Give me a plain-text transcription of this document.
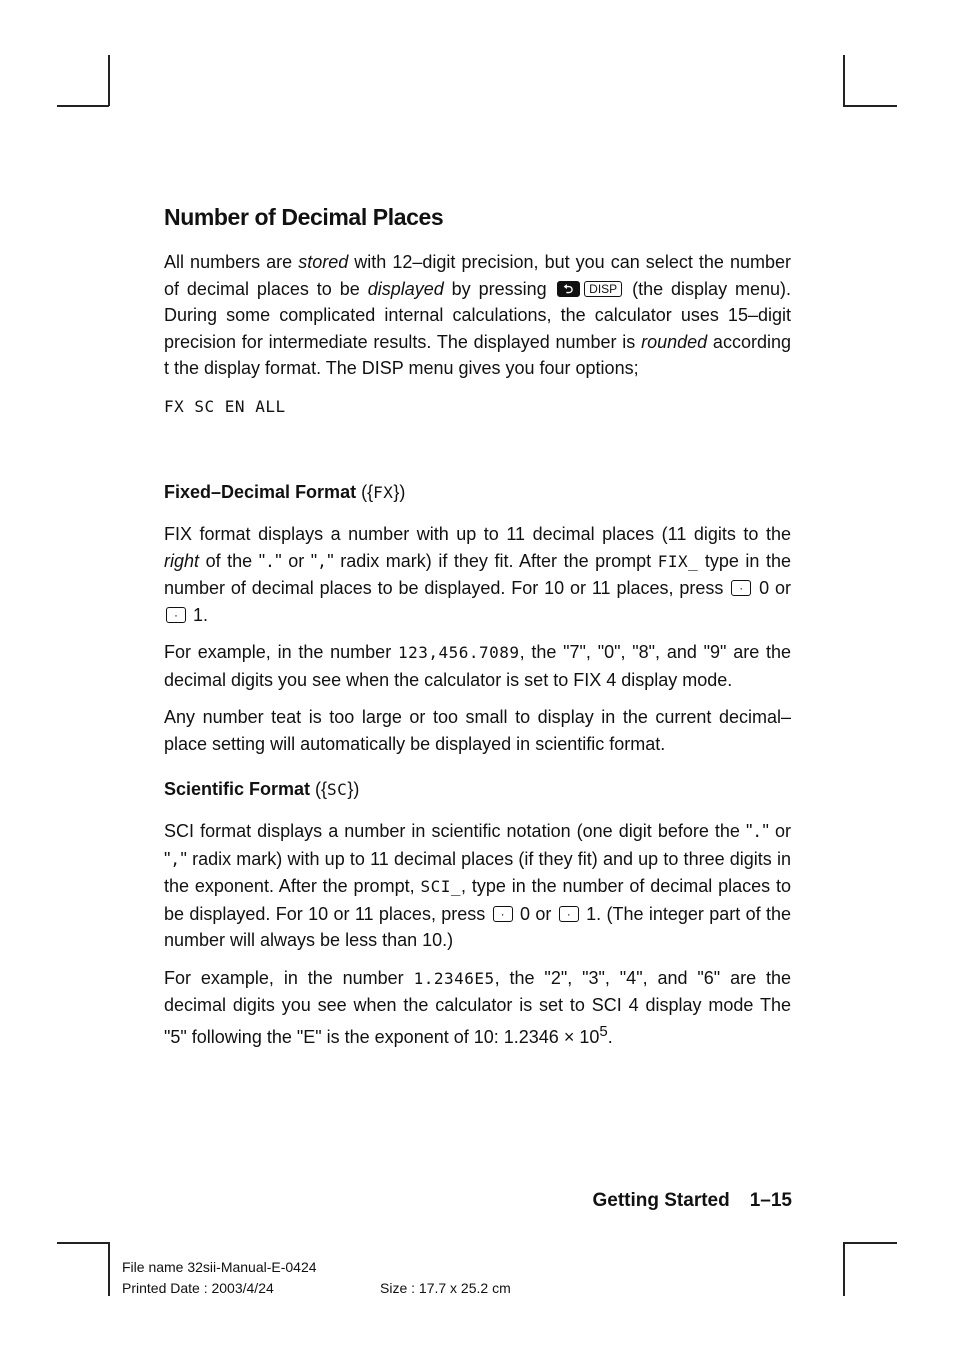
Number of Decimal Places

All numbers are stored with 12–digit precision, but you can select the number of decimal places to be displayed by pressing ⮌ DISP (the display menu). During some complicated internal calculations, the calculator uses 15–digit precision for intermediate results. The displayed number is rounded according t the display format. The DISP menu gives you four options;

FX SC EN ALL

Fixed–Decimal Format ({FX})

FIX format displays a number with up to 11 decimal places (11 digits to the right of the "." or "," radix mark) if they fit. After the prompt FIX_ type in the number of decimal places to be displayed. For 10 or 11 places, press · 0 or · 1.

For example, in the number 123,456.7089, the "7", "0", "8", and "9" are the decimal digits you see when the calculator is set to FIX 4 display mode.

Any number teat is too large or too small to display in the current decimal–place setting will automatically be displayed in scientific format.

Scientific Format ({SC})

SCI format displays a number in scientific notation (one digit before the "." or "," radix mark) with up to 11 decimal places (if they fit) and up to three digits in the exponent. After the prompt, SCI_, type in the number of decimal places to be displayed. For 10 or 11 places, press · 0 or · 1. (The integer part of the number will always be less than 10.)

For example, in the number 1.2346E5, the "2", "3", "4", and "6" are the decimal digits you see when the calculator is set to SCI 4 display mode The "5" following the "E" is the exponent of 10: $1.2346 \times 10^5$.

Getting Started 1–15
File name 32sii-Manual-E-0424
Printed Date : 2003/4/24	Size : 17.7 x 25.2 cm
